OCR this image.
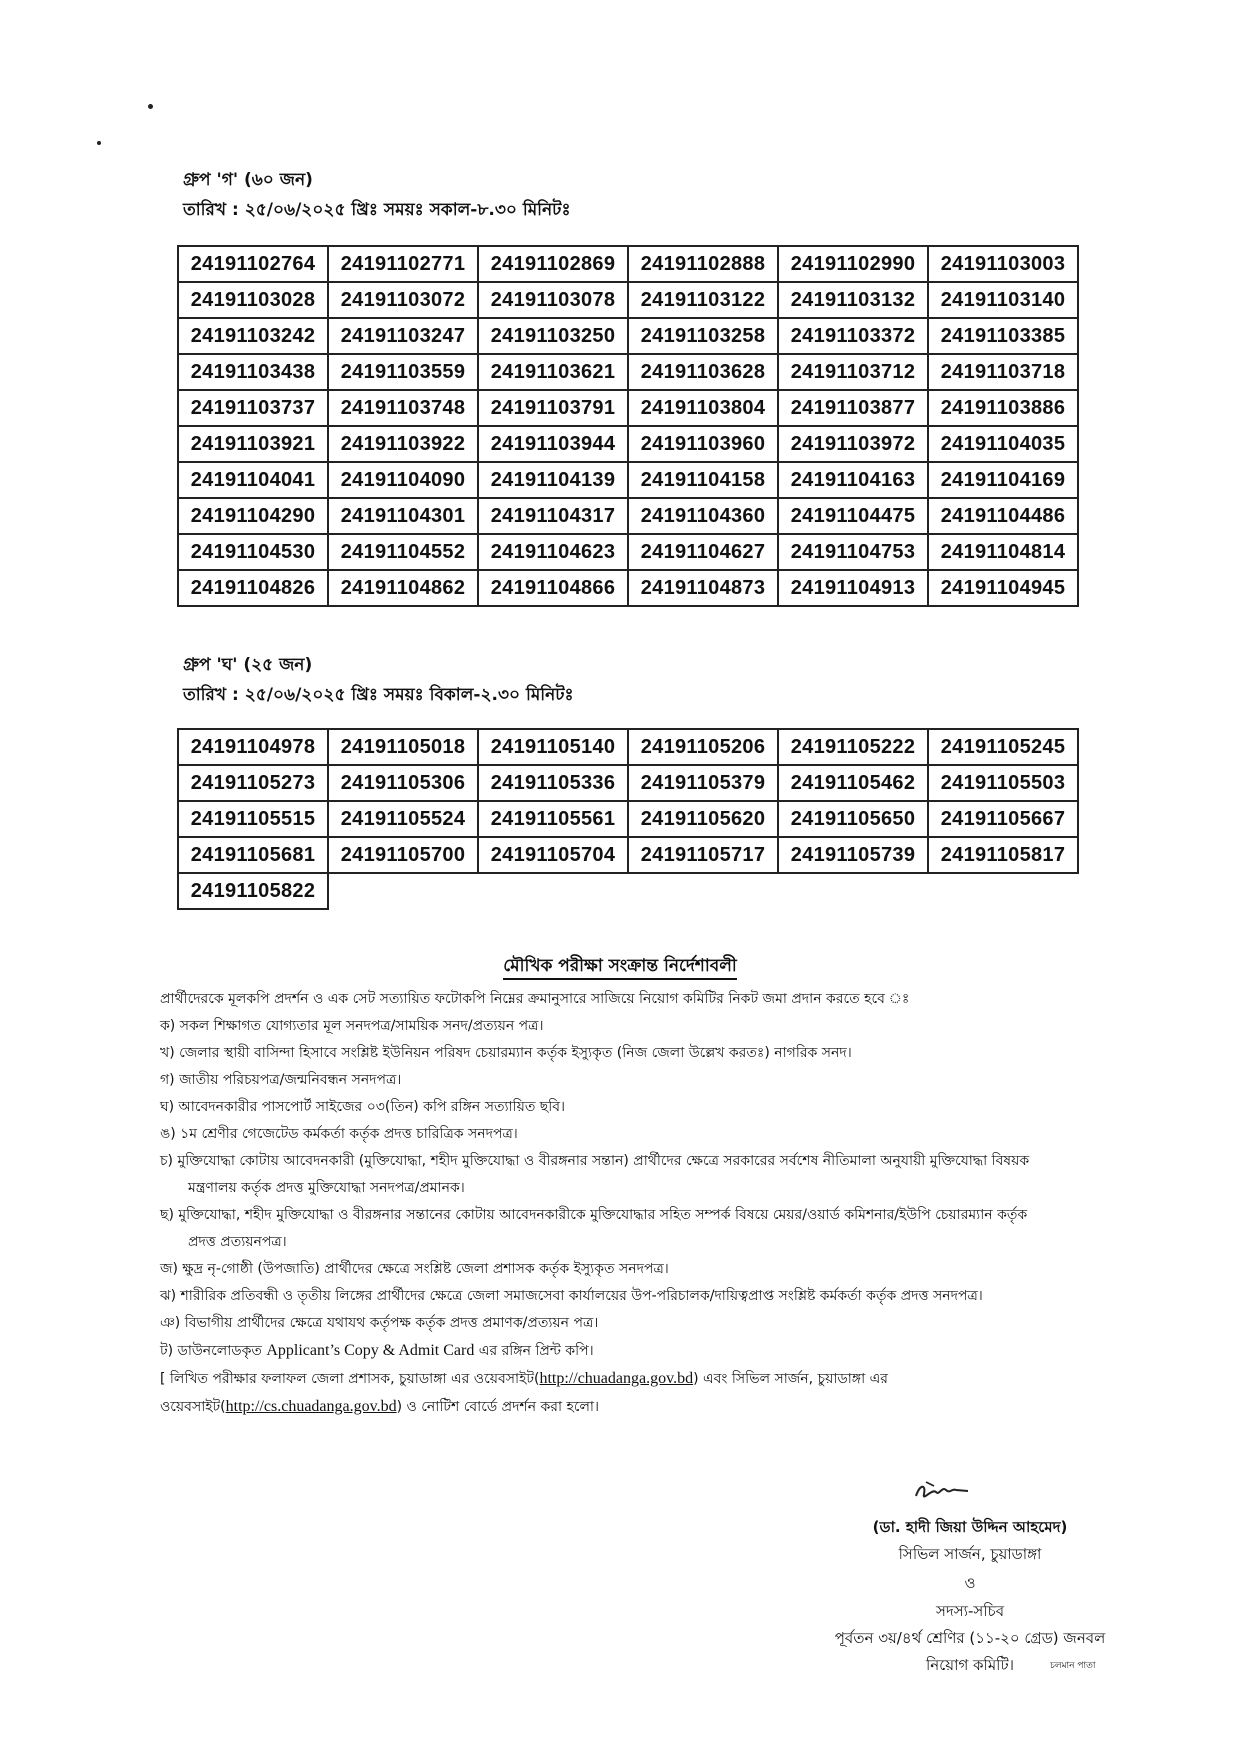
গ্রুপ 'গ' (৬০ জন)
তারিখ : ২৫/০৬/২০২৫ খ্রিঃ সময়ঃ সকাল-৮.৩০ মিনিটঃ
24191102764	24191102771	24191102869	24191102888	24191102990	24191103003
24191103028	24191103072	24191103078	24191103122	24191103132	24191103140
24191103242	24191103247	24191103250	24191103258	24191103372	24191103385
24191103438	24191103559	24191103621	24191103628	24191103712	24191103718
24191103737	24191103748	24191103791	24191103804	24191103877	24191103886
24191103921	24191103922	24191103944	24191103960	24191103972	24191104035
24191104041	24191104090	24191104139	24191104158	24191104163	24191104169
24191104290	24191104301	24191104317	24191104360	24191104475	24191104486
24191104530	24191104552	24191104623	24191104627	24191104753	24191104814
24191104826	24191104862	24191104866	24191104873	24191104913	24191104945
গ্রুপ 'ঘ' (২৫ জন)
তারিখ : ২৫/০৬/২০২৫ খ্রিঃ সময়ঃ বিকাল-২.৩০ মিনিটঃ
24191104978	24191105018	24191105140	24191105206	24191105222	24191105245
24191105273	24191105306	24191105336	24191105379	24191105462	24191105503
24191105515	24191105524	24191105561	24191105620	24191105650	24191105667
24191105681	24191105700	24191105704	24191105717	24191105739	24191105817
24191105822					
মৌখিক পরীক্ষা সংক্রান্ত নির্দেশাবলী
প্রার্থীদেরকে মূলকপি প্রদর্শন ও এক সেট সত্যায়িত ফটোকপি নিম্নের ক্রমানুসারে সাজিয়ে নিয়োগ কমিটির নিকট জমা প্রদান করতে হবে ঃ
ক) সকল শিক্ষাগত যোগ্যতার মূল সনদপত্র/সাময়িক সনদ/প্রত্যয়ন পত্র।
খ) জেলার স্থায়ী বাসিন্দা হিসাবে সংশ্লিষ্ট ইউনিয়ন পরিষদ চেয়ারম্যান কর্তৃক ইস্যুকৃত (নিজ জেলা উল্লেখ করতঃ) নাগরিক সনদ।
গ) জাতীয় পরিচয়পত্র/জন্মনিবন্ধন সনদপত্র।
ঘ) আবেদনকারীর পাসপোর্ট সাইজের ০৩(তিন) কপি রঙ্গিন সত্যায়িত ছবি।
ঙ) ১ম শ্রেণীর গেজেটেড কর্মকর্তা কর্তৃক প্রদত্ত চারিত্রিক সনদপত্র।
চ) মুক্তিযোদ্ধা কোটায় আবেদনকারী (মুক্তিযোদ্ধা, শহীদ মুক্তিযোদ্ধা ও বীরঙ্গনার সন্তান) প্রার্থীদের ক্ষেত্রে সরকারের সর্বশেষ নীতিমালা অনুযায়ী মুক্তিযোদ্ধা বিষয়ক
মন্ত্রণালয় কর্তৃক প্রদত্ত মুক্তিযোদ্ধা সনদপত্র/প্রমানক।
ছ) মুক্তিযোদ্ধা, শহীদ মুক্তিযোদ্ধা ও বীরঙ্গনার সন্তানের কোটায় আবেদনকারীকে মুক্তিযোদ্ধার সহিত সম্পর্ক বিষয়ে মেয়র/ওয়ার্ড কমিশনার/ইউপি চেয়ারম্যান কর্তৃক
প্রদত্ত প্রত্যয়নপত্র।
জ) ক্ষুদ্র নৃ-গোষ্ঠী (উপজাতি) প্রার্থীদের ক্ষেত্রে সংশ্লিষ্ট জেলা প্রশাসক কর্তৃক ইস্যুকৃত সনদপত্র।
ঝ) শারীরিক প্রতিবন্ধী ও তৃতীয় লিঙ্গের প্রার্থীদের ক্ষেত্রে জেলা সমাজসেবা কার্যালয়ের উপ-পরিচালক/দায়িত্বপ্রাপ্ত সংশ্লিষ্ট কর্মকর্তা কর্তৃক প্রদত্ত সনদপত্র।
ঞ) বিভাগীয় প্রার্থীদের ক্ষেত্রে যথাযথ কর্তৃপক্ষ কর্তৃক প্রদত্ত প্রমাণক/প্রত্যয়ন পত্র।
ট) ডাউনলোডকৃত Applicant’s Copy & Admit Card এর রঙ্গিন প্রিন্ট কপি।
[ লিখিত পরীক্ষার ফলাফল জেলা প্রশাসক, চুয়াডাঙ্গা এর ওয়েবসাইট(http://chuadanga.gov.bd) এবং সিভিল সার্জন, চুয়াডাঙ্গা এর
ওয়েবসাইট(http://cs.chuadanga.gov.bd) ও নোটিশ বোর্ডে প্রদর্শন করা হলো।
(ডা. হাদী জিয়া উদ্দিন আহমেদ)
সিভিল সার্জন, চুয়াডাঙ্গা
ও
সদস্য-সচিব
পূর্বতন ৩য়/৪র্থ শ্রেণির (১১-২০ গ্রেড) জনবল
নিয়োগ কমিটি।	চলমান পাতা
